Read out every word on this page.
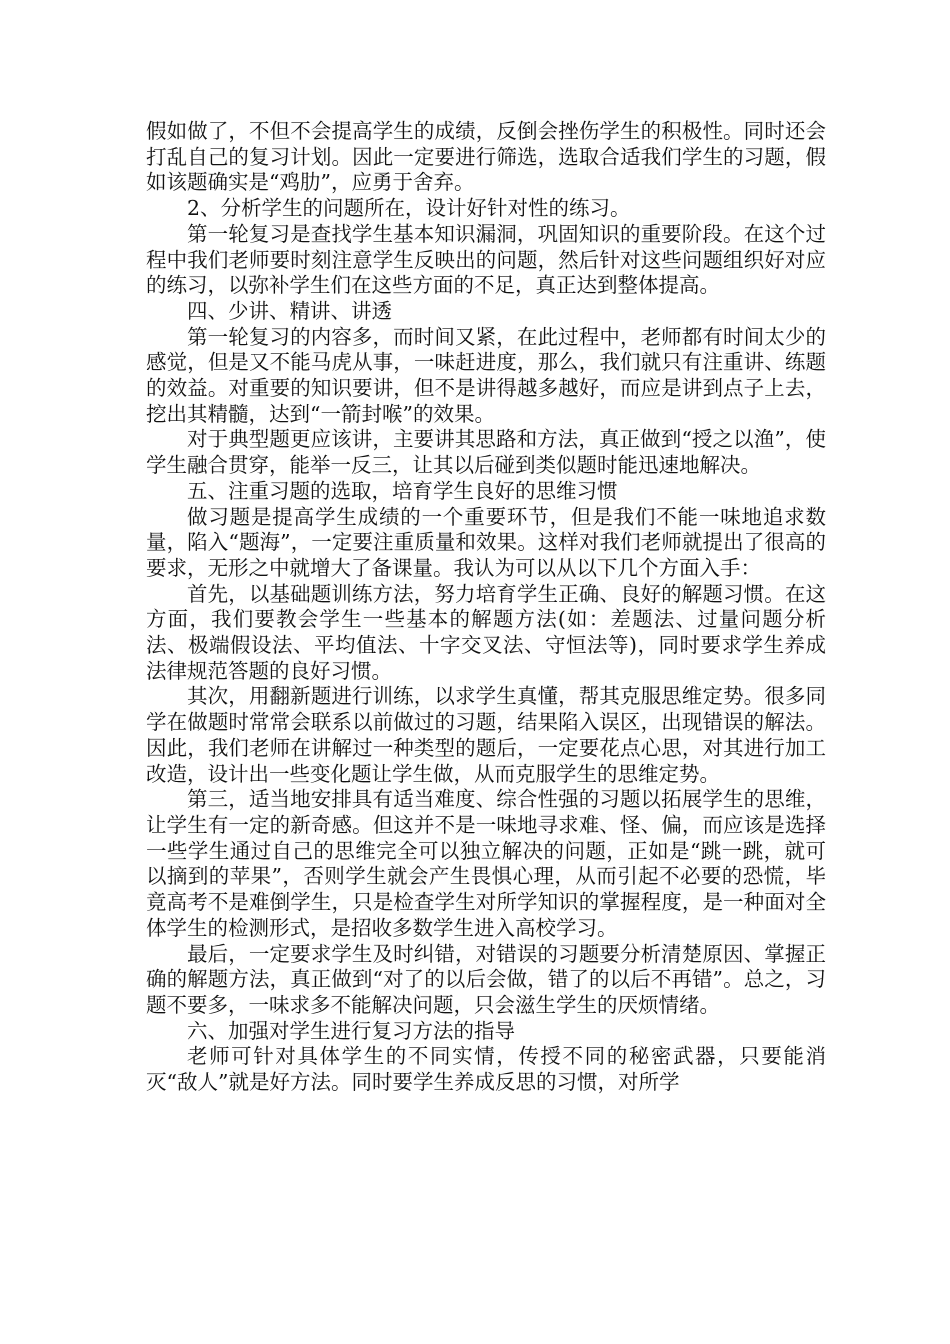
假如做了，不但不会提高学生的成绩，反倒会挫伤学生的积极性。同时还会打乱自己的复习计划。因此一定要进行筛选，选取合适我们学生的习题，假如该题确实是“鸡肋”，应勇于舍弃。

2、分析学生的问题所在，设计好针对性的练习。

第一轮复习是查找学生基本知识漏洞，巩固知识的重要阶段。在这个过程中我们老师要时刻注意学生反映出的问题，然后针对这些问题组织好对应的练习，以弥补学生们在这些方面的不足，真正达到整体提高。

四、少讲、精讲、讲透

第一轮复习的内容多，而时间又紧，在此过程中，老师都有时间太少的感觉，但是又不能马虎从事，一味赶进度，那么，我们就只有注重讲、练题的效益。对重要的知识要讲，但不是讲得越多越好，而应是讲到点子上去，挖出其精髓，达到“一箭封喉”的效果。

对于典型题更应该讲，主要讲其思路和方法，真正做到“授之以渔”，使学生融合贯穿，能举一反三，让其以后碰到类似题时能迅速地解决。

五、注重习题的选取，培育学生良好的思维习惯

做习题是提高学生成绩的一个重要环节，但是我们不能一味地追求数量，陷入“题海”，一定要注重质量和效果。这样对我们老师就提出了很高的要求，无形之中就增大了备课量。我认为可以从以下几个方面入手：

首先，以基础题训练方法，努力培育学生正确、良好的解题习惯。在这方面，我们要教会学生一些基本的解题方法(如：差题法、过量问题分析法、极端假设法、平均值法、十字交叉法、守恒法等)，同时要求学生养成法律规范答题的良好习惯。

其次，用翻新题进行训练，以求学生真懂，帮其克服思维定势。很多同学在做题时常常会联系以前做过的习题，结果陷入误区，出现错误的解法。因此，我们老师在讲解过一种类型的题后，一定要花点心思，对其进行加工改造，设计出一些变化题让学生做，从而克服学生的思维定势。

第三，适当地安排具有适当难度、综合性强的习题以拓展学生的思维，让学生有一定的新奇感。但这并不是一味地寻求难、怪、偏，而应该是选择一些学生通过自己的思维完全可以独立解决的问题，正如是“跳一跳，就可以摘到的苹果”，否则学生就会产生畏惧心理，从而引起不必要的恐慌，毕竟高考不是难倒学生，只是检查学生对所学知识的掌握程度，是一种面对全体学生的检测形式，是招收多数学生进入高校学习。

最后，一定要求学生及时纠错，对错误的习题要分析清楚原因、掌握正确的解题方法，真正做到“对了的以后会做，错了的以后不再错”。总之，习题不要多，一味求多不能解决问题，只会滋生学生的厌烦情绪。

六、加强对学生进行复习方法的指导

老师可针对具体学生的不同实情，传授不同的秘密武器，只要能消灭“敌人”就是好方法。同时要学生养成反思的习惯，对所学
